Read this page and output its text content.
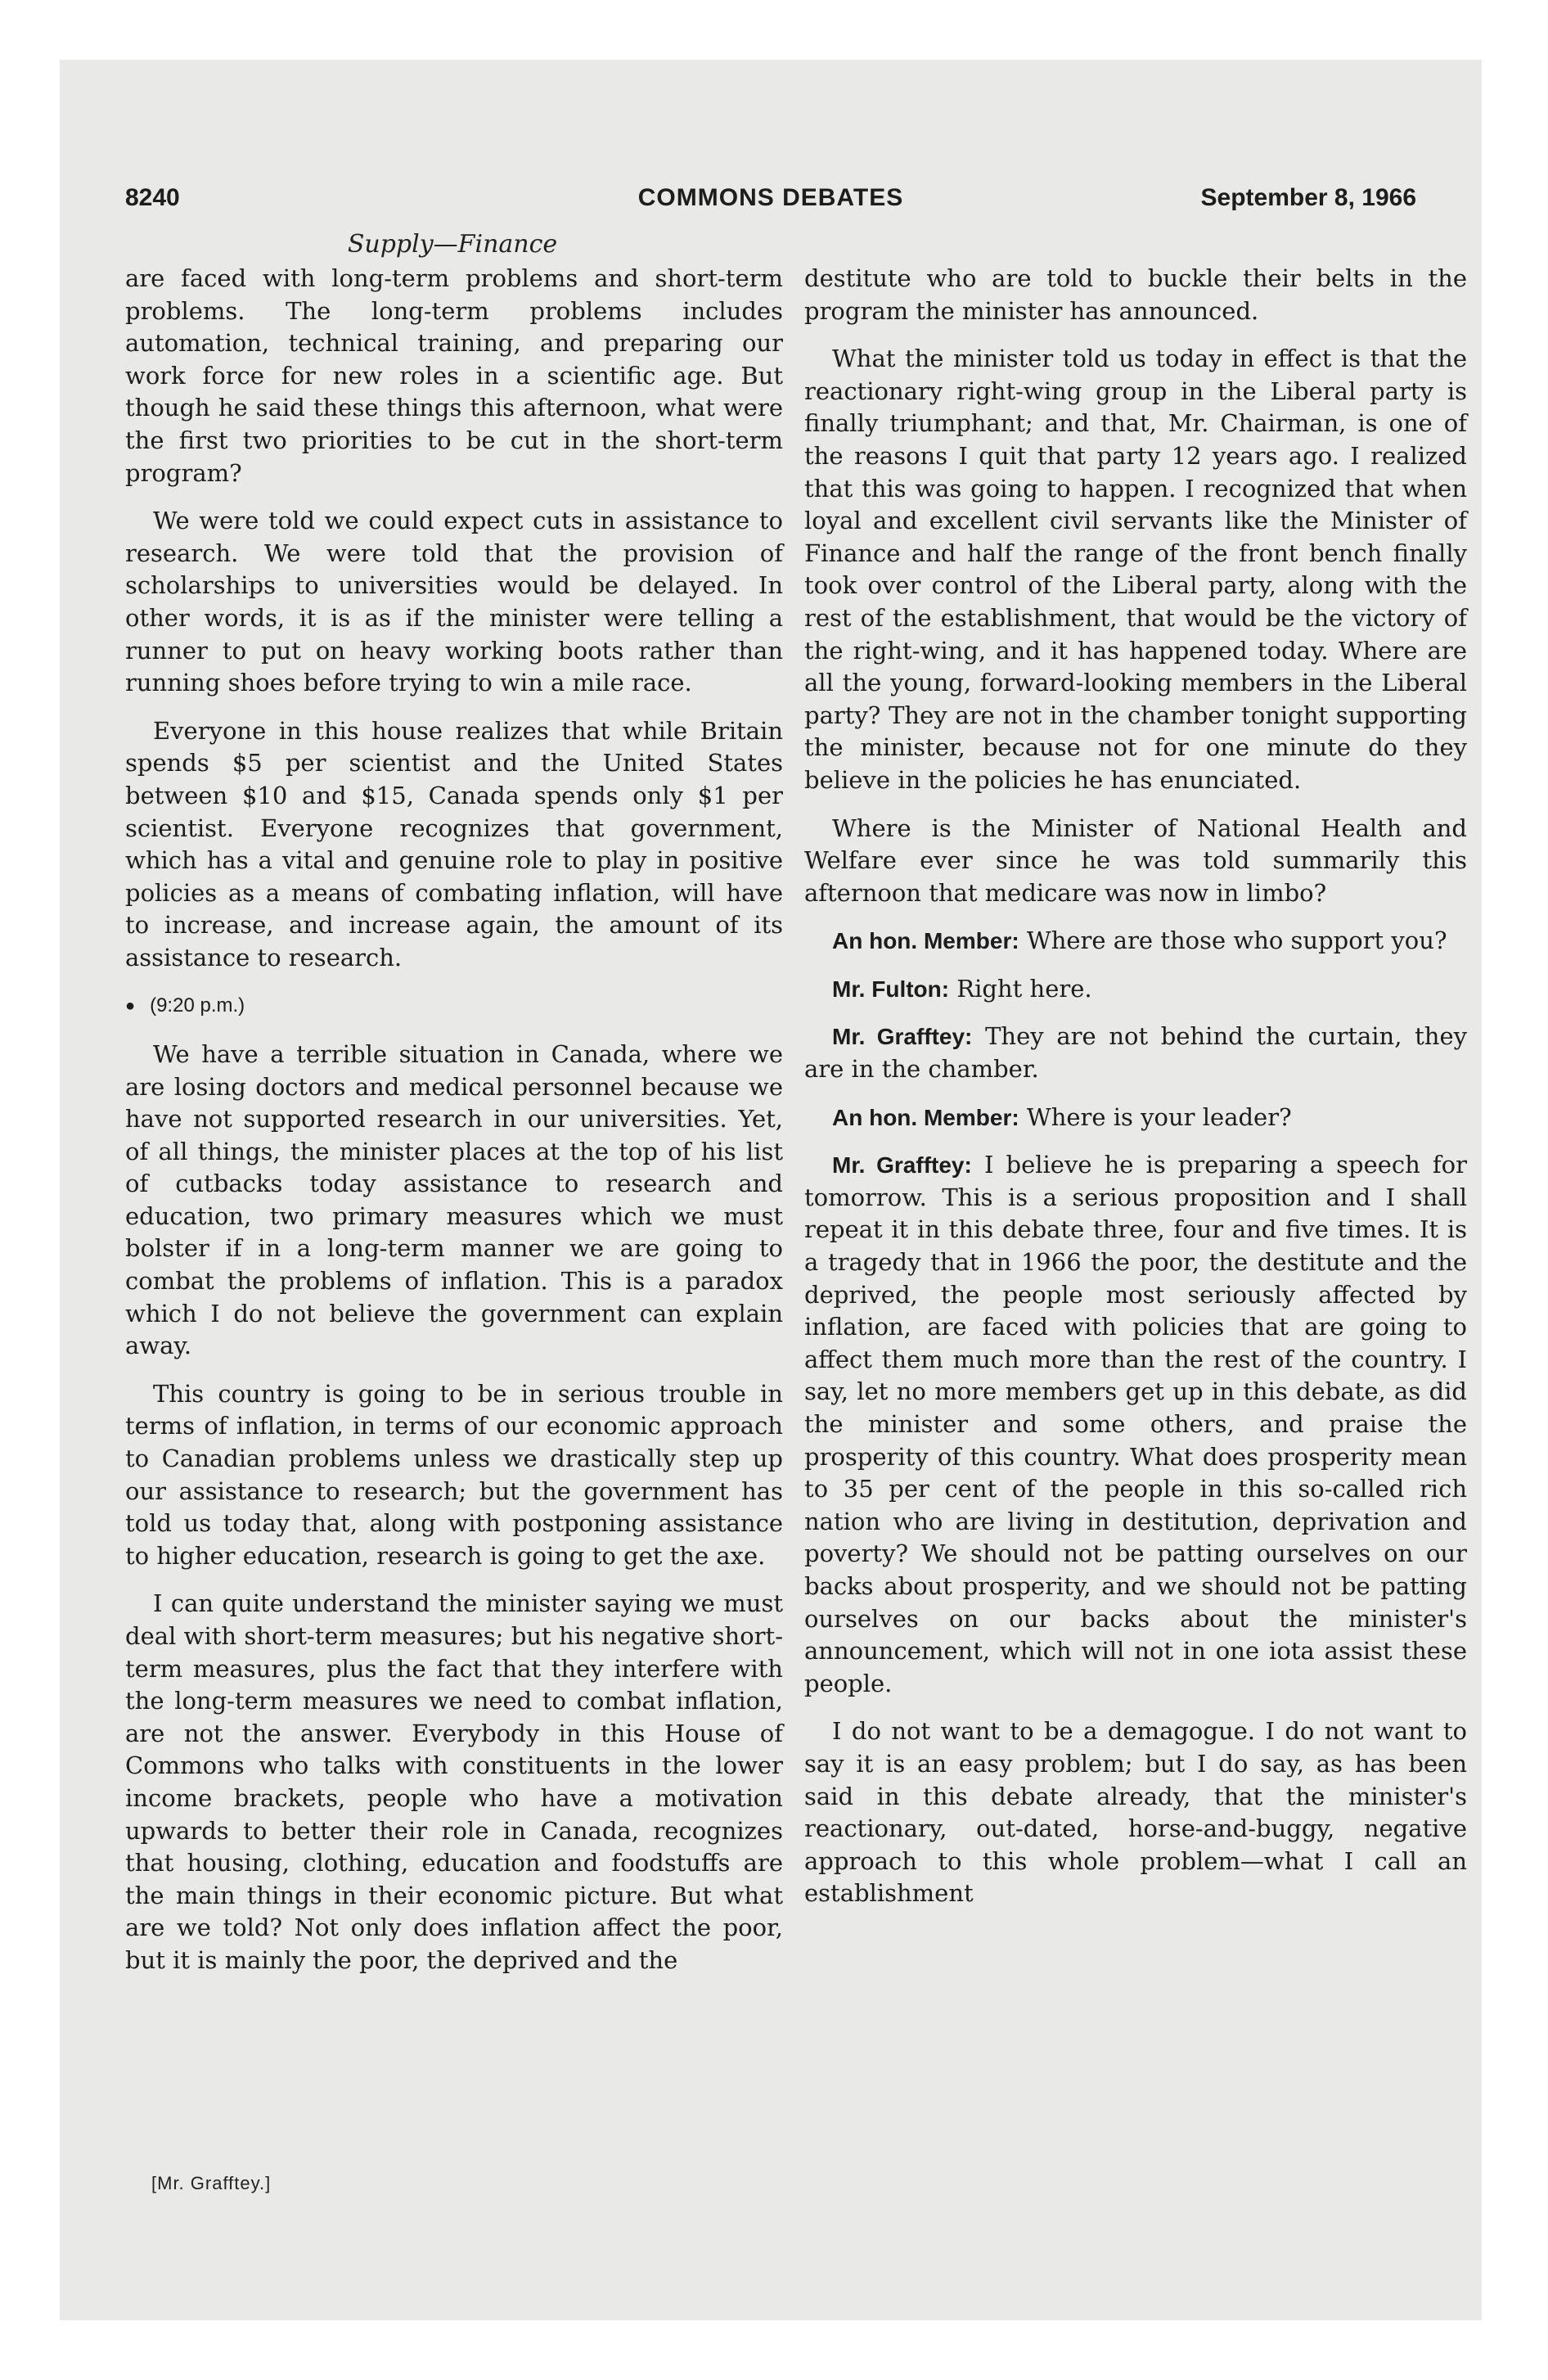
8240	COMMONS DEBATES	September 8, 1966
Supply—Finance

are faced with long-term problems and short-term problems. The long-term problems includes automation, technical training, and preparing our work force for new roles in a scientific age. But though he said these things this afternoon, what were the first two priorities to be cut in the short-term program?

We were told we could expect cuts in assistance to research. We were told that the provision of scholarships to universities would be delayed. In other words, it is as if the minister were telling a runner to put on heavy working boots rather than running shoes before trying to win a mile race.

Everyone in this house realizes that while Britain spends $5 per scientist and the United States between $10 and $15, Canada spends only $1 per scientist. Everyone recognizes that government, which has a vital and genuine role to play in positive policies as a means of combating inflation, will have to increase, and increase again, the amount of its assistance to research.

● (9:20 p.m.)

We have a terrible situation in Canada, where we are losing doctors and medical personnel because we have not supported research in our universities. Yet, of all things, the minister places at the top of his list of cutbacks today assistance to research and education, two primary measures which we must bolster if in a long-term manner we are going to combat the problems of inflation. This is a paradox which I do not believe the government can explain away.

This country is going to be in serious trouble in terms of inflation, in terms of our economic approach to Canadian problems unless we drastically step up our assistance to research; but the government has told us today that, along with postponing assistance to higher education, research is going to get the axe.

I can quite understand the minister saying we must deal with short-term measures; but his negative short-term measures, plus the fact that they interfere with the long-term measures we need to combat inflation, are not the answer. Everybody in this House of Commons who talks with constituents in the lower income brackets, people who have a motivation upwards to better their role in Canada, recognizes that housing, clothing, education and foodstuffs are the main things in their economic picture. But what are we told? Not only does inflation affect the poor, but it is mainly the poor, the deprived and the

[Mr. Grafftey.]

destitute who are told to buckle their belts in the program the minister has announced.

What the minister told us today in effect is that the reactionary right-wing group in the Liberal party is finally triumphant; and that, Mr. Chairman, is one of the reasons I quit that party 12 years ago. I realized that this was going to happen. I recognized that when loyal and excellent civil servants like the Minister of Finance and half the range of the front bench finally took over control of the Liberal party, along with the rest of the establishment, that would be the victory of the right-wing, and it has happened today. Where are all the young, forward-looking members in the Liberal party? They are not in the chamber tonight supporting the minister, because not for one minute do they believe in the policies he has enunciated.

Where is the Minister of National Health and Welfare ever since he was told summarily this afternoon that medicare was now in limbo?

An hon. Member: Where are those who support you?

Mr. Fulton: Right here.

Mr. Grafftey: They are not behind the curtain, they are in the chamber.

An hon. Member: Where is your leader?

Mr. Grafftey: I believe he is preparing a speech for tomorrow. This is a serious proposition and I shall repeat it in this debate three, four and five times. It is a tragedy that in 1966 the poor, the destitute and the deprived, the people most seriously affected by inflation, are faced with policies that are going to affect them much more than the rest of the country. I say, let no more members get up in this debate, as did the minister and some others, and praise the prosperity of this country. What does prosperity mean to 35 per cent of the people in this so-called rich nation who are living in destitution, deprivation and poverty? We should not be patting ourselves on our backs about prosperity, and we should not be patting ourselves on our backs about the minister's announcement, which will not in one iota assist these people.

I do not want to be a demagogue. I do not want to say it is an easy problem; but I do say, as has been said in this debate already, that the minister's reactionary, out-dated, horse-and-buggy, negative approach to this whole problem—what I call an establishment
